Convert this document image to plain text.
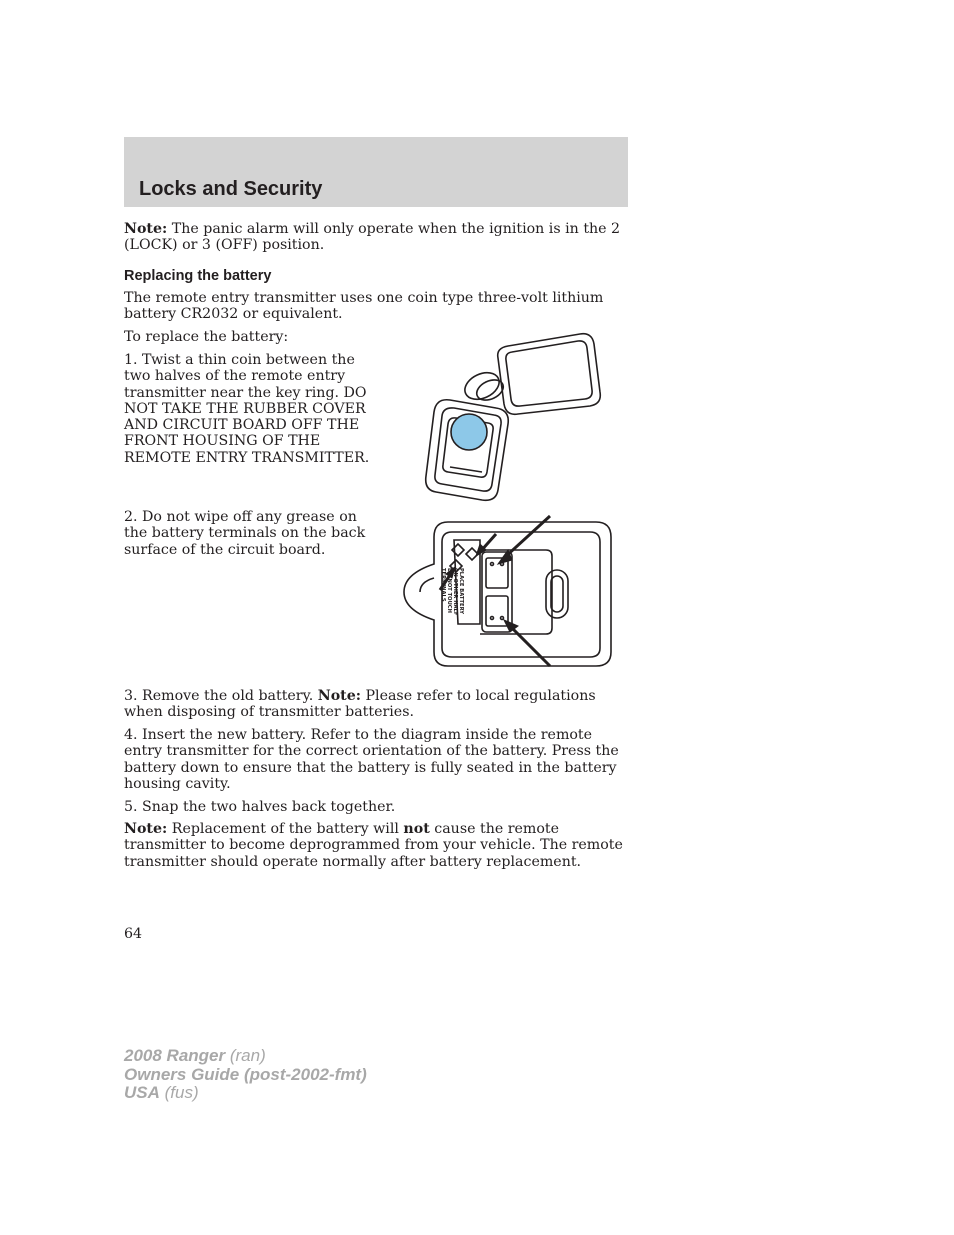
Locks and Security

Note: The panic alarm will only operate when the ignition is in the 2 (LOCK) or 3 (OFF) position.

Replacing the battery

The remote entry transmitter uses one coin type three-volt lithium battery CR2032 or equivalent.

To replace the battery:

1. Twist a thin coin between the two halves of the remote entry transmitter near the key ring. DO NOT TAKE THE RUBBER COVER AND CIRCUIT BOARD OFF THE FRONT HOUSING OF THE REMOTE ENTRY TRANSMITTER.

2. Do not wipe off any grease on the battery terminals on the back surface of the circuit board.

3. Remove the old battery. Note: Please refer to local regulations when disposing of transmitter batteries.

4. Insert the new battery. Refer to the diagram inside the remote entry transmitter for the correct orientation of the battery. Press the battery down to ensure that the battery is fully seated in the battery housing cavity.

5. Snap the two halves back together.

Note: Replacement of the battery will not cause the remote transmitter to become deprogrammed from your vehicle. The remote transmitter should operate normally after battery replacement.

PLACE BATTERY
ON OTHER HALF
DO NOT TOUCH
TERMINALS
64
2008 Ranger (ran)
Owners Guide (post-2002-fmt)
USA (fus)
